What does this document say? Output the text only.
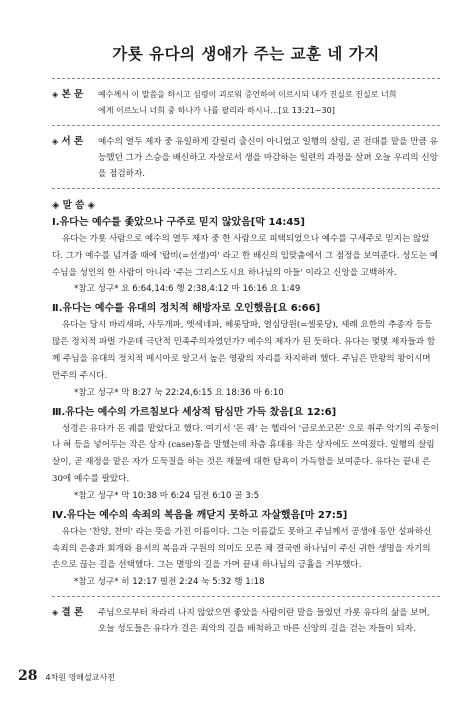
가룟 유다의 생애가 주는 교훈 네 가지
◈ 본 문	예수께서 이 말씀을 하시고 심령이 괴로워 증언하여 이르시되 내가 진실로 진실로 너희
에게 이르노니 너희 중 하나가 나를 팔리라 하시니…[요 13:21~30]
◈ 서 론	예수의 열두 제자 중 유일하게 갈릴리 출신이 아니었고 일행의 살림, 곧 전대를 맡을 만큼 유능했던 그가 스승을 배신하고 자살로서 생을 마감하는 일련의 과정을 살펴 오늘 우리의 신앙을 점검하자.
◈ 말 씀 ◈
Ⅰ.유다는 예수를 좇았으나 구주로 믿지 않았음[막 14:45]

유다는 가룟 사람으로 예수의 열두 제자 중 한 사람으로 피택되었으나 예수를 구세주로 믿지는 않았다. 그가 예수를 넘겨줄 때에 '랍비(=선생)여' 라고 한 배신의 입맞춤에서 그 점정을 보여준다. 성도는 예수님을 성인의 한 사람이 아니라 '주는 그리스도시요 하나님의 아들' 이라고 신앙을 고백하자.

*참고 성구* 요 6:64,14:6 행 2:38,4:12 마 16:16 요 1:49
Ⅱ.유다는 예수를 유대의 정치적 해방자로 오인했음[요 6:66]

유다는 당시 바리새파, 사두개파, 엣세네파, 헤롯당파, 열심당원(=셀롯당), 세례 요한의 추종자 등등 많은 정치적 파벌 가운데 극단적 민족주의자였던가? 예수의 제자가 된 듯하다. 유다는 몇몇 제자들과 함께 주님을 유대의 정치적 메시아로 알고서 높은 영광의 자리를 차지하려 했다. 주님은 만왕의 왕이시며 만주의 주시다.

*참고 성구* 막 8:27 눅 22:24,6:15 요 18:36 마 6:10
Ⅲ.유다는 예수의 가르침보다 세상적 탐심만 가득 찼음[요 12:6]

성경은 유다가 돈 궤를 맡았다고 했다. 여기서 '돈 궤' 는 헬라어 '글로쏘코몬' 으로 취주 악기의 주둥이나 혀 등을 넣어두는 작은 상자 (case)통을 말했는데 차츰 휴대용 작은 상자에도 쓰여졌다. 일행의 살림살이, 곧 재정을 맡은 자가 도둑질을 하는 것은 재물에 대한 탐욕이 가득함을 보여준다. 유다는 끝내 은 30에 예수를 팔았다.

*참고 성구* 막 10:38 마 6:24 딤전 6:10 골 3:5
Ⅳ.유다는 예수의 속죄의 복음을 깨닫지 못하고 자살했음[마 27:5]

유다는 '찬양, 찬미' 라는 뜻을 가진 이름이다. 그는 이름값도 못하고 주님께서 공생애 동안 설파하신 속죄의 은총과 회개와 용서의 복음과 구원의 의미도 모른 채 결국엔 하나님이 주신 귀한 생명을 자기의 손으로 끊는 길을 선택했다. 그는 멸망의 길을 가며 끝내 하나님의 긍휼을 거부했다.

*참고 성구* 히 12:17 빌전 2:24 눅 5:32 행 1:18
◈ 결 론	주님으로부터 차라리 나지 않았으면 좋았을 사람이란 말을 들었던 가룟 유다의 삶을 보며, 오늘 성도들은 유다가 걸은 죄악의 길을 배척하고 바른 신앙의 길을 걷는 자들이 되자.
28 4차원 영해설교사전
